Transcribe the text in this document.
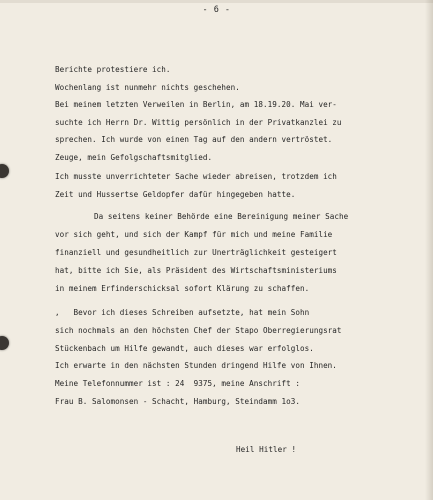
- 6 -
Berichte protestiere ich.
Wochenlang ist nunmehr nichts geschehen.
Bei meinem letzten Verweilen in Berlin, am 18.19.20. Mai ver-
suchte ich Herrn Dr. Wittig persönlich in der Privatkanzlei zu
sprechen. Ich wurde von einen Tag auf den andern vertröstet.
Zeuge, mein Gefolgschaftsmitglied.
Ich musste unverrichteter Sache wieder abreisen, trotzdem ich
Zeit und Hussertse Geldopfer dafür hingegeben hatte.
Da seitens keiner Behörde eine Bereinigung meiner Sache
vor sich geht, und sich der Kampf für mich und meine Familie
finanziell und gesundheitlich zur Unerträglichkeit gesteigert
hat, bitte ich Sie, als Präsident des Wirtschaftsministeriums
in meinem Erfinderschicksal sofort Klärung zu schaffen.
,   Bevor ich dieses Schreiben aufsetzte, hat mein Sohn
sich nochmals an den höchsten Chef der Stapo Oberregierungsrat
Stückenbach um Hilfe gewandt, auch dieses war erfolglos.
Ich erwarte in den nächsten Stunden dringend Hilfe von Ihnen.
Meine Telefonnummer ist : 24  9375, meine Anschrift :
Frau B. Salomonsen - Schacht, Hamburg, Steindamm 1o3.
Heil Hitler !
